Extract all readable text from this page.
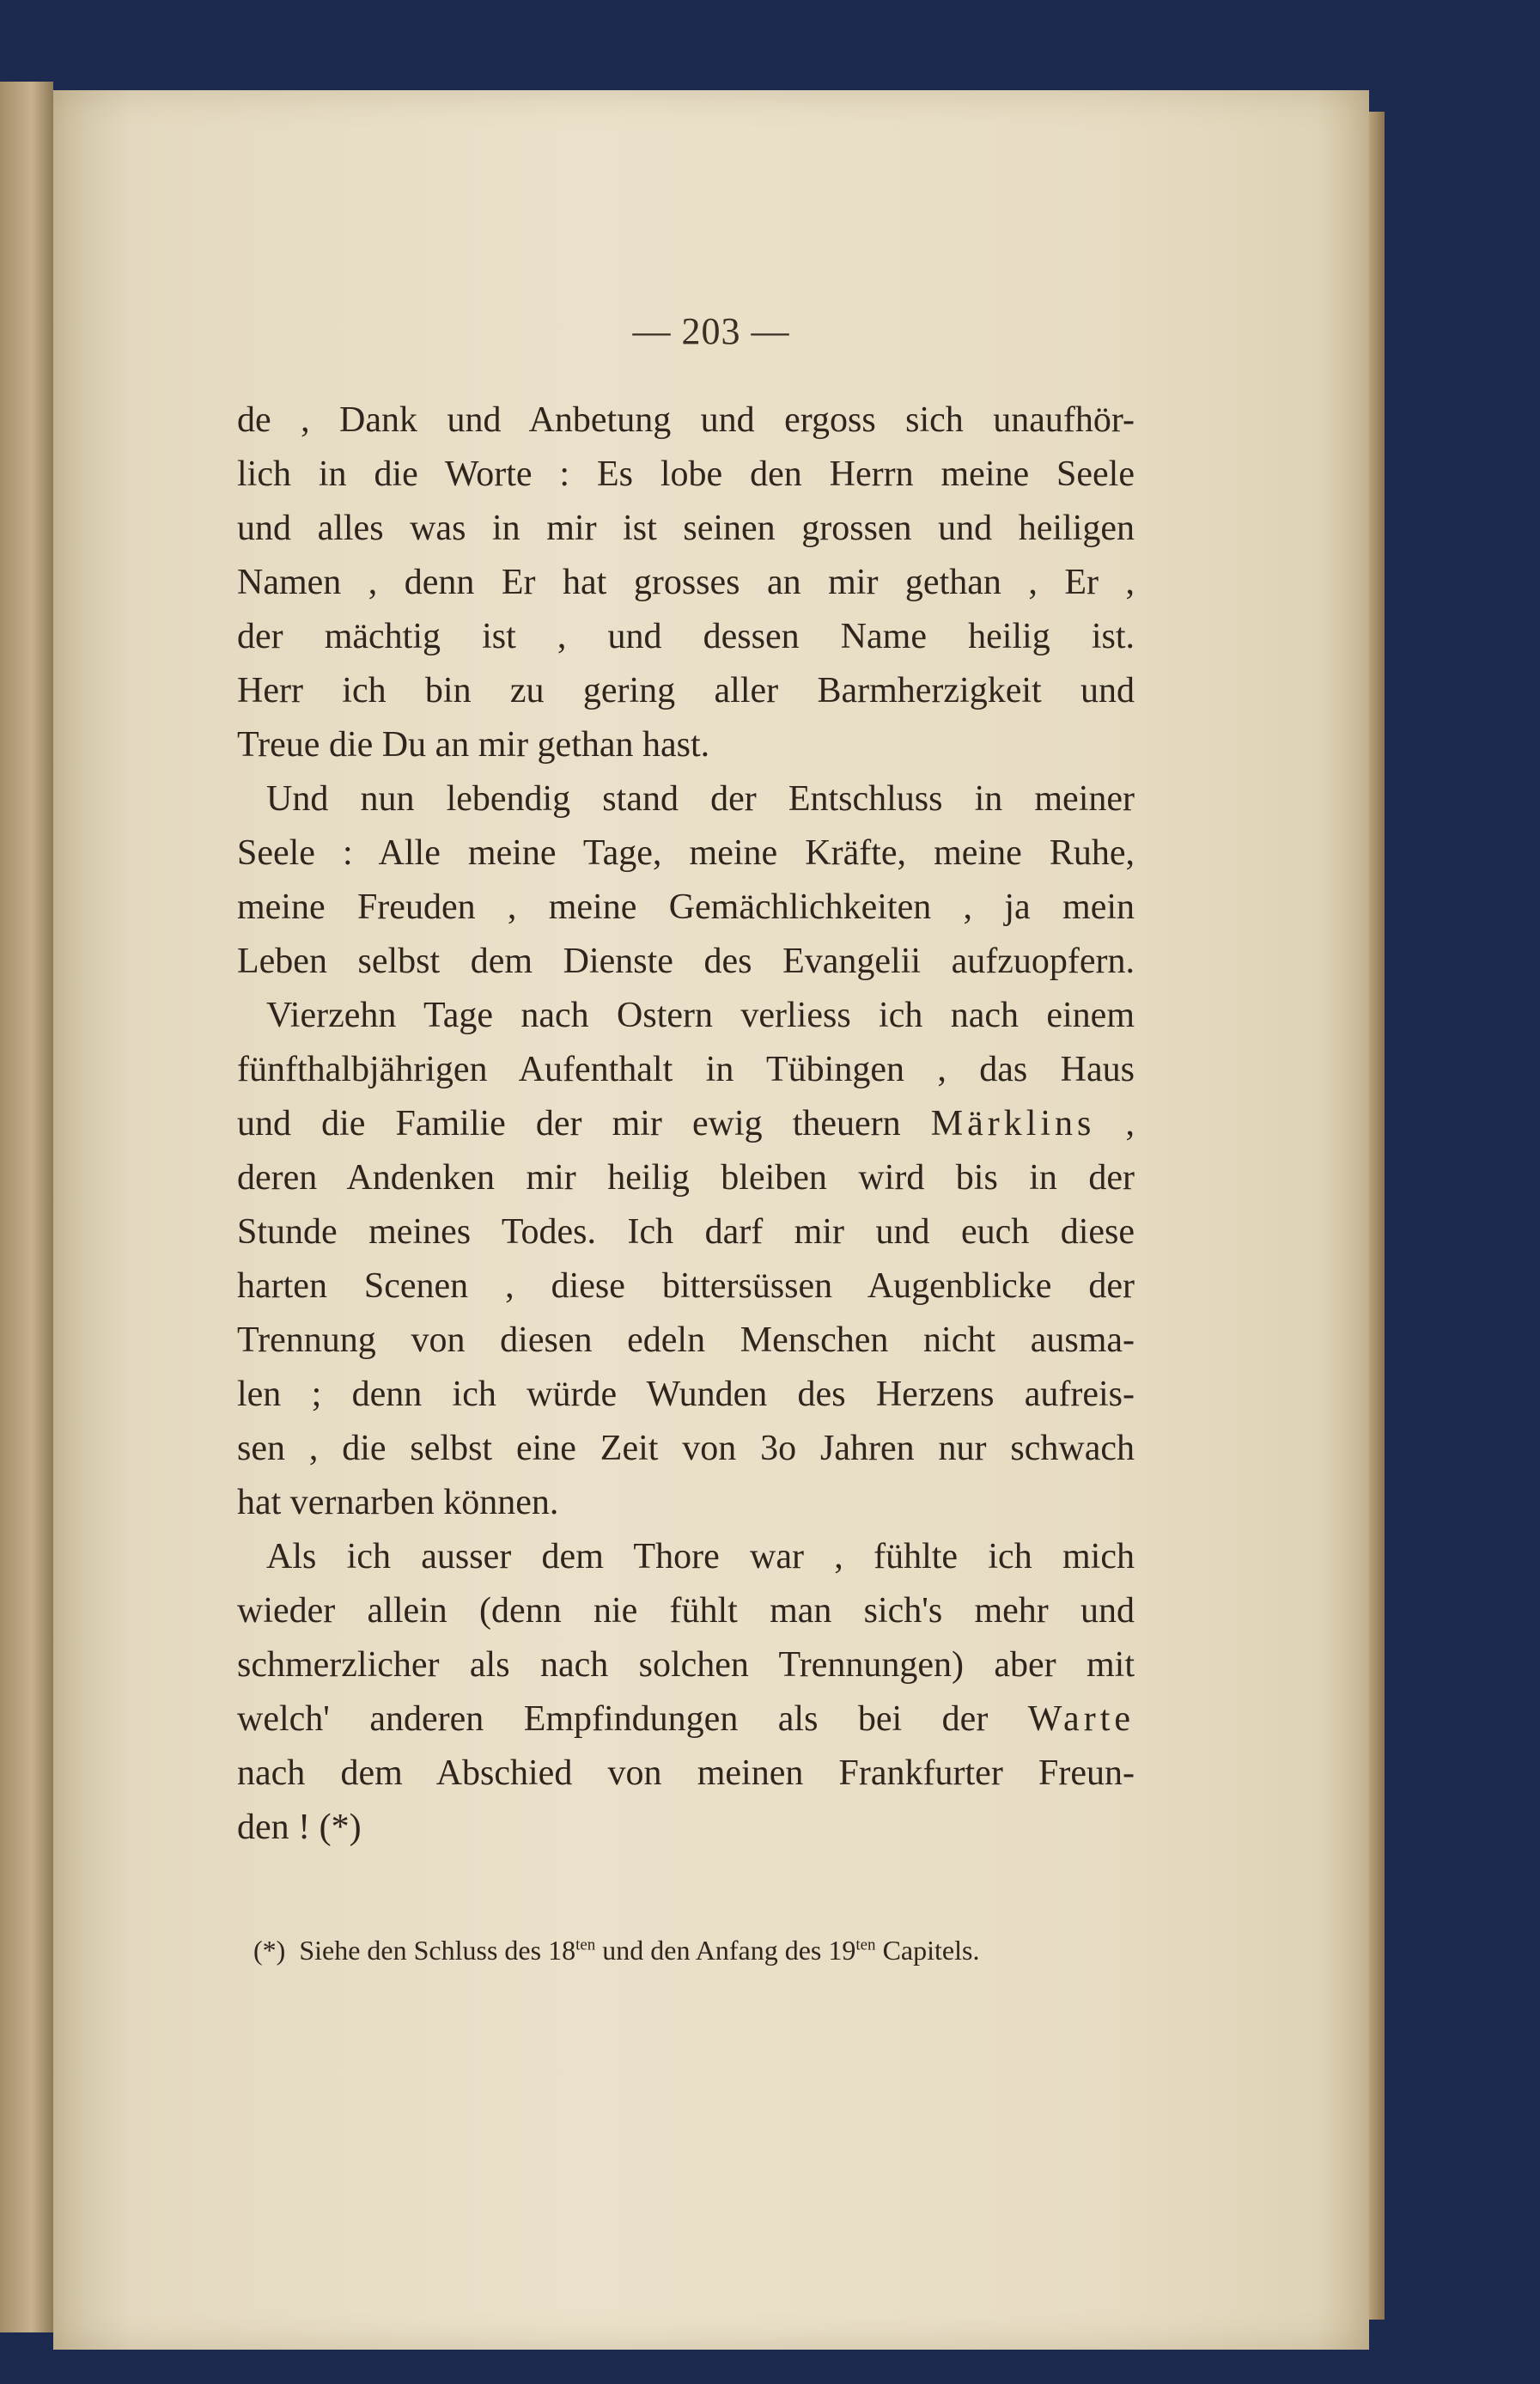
— 203 —
de , Dank und Anbetung und ergoss sich unaufhör-
lich in die Worte : Es lobe den Herrn meine Seele
und alles was in mir ist seinen grossen und heiligen
Namen , denn Er hat grosses an mir gethan , Er ,
der mächtig ist , und dessen Name heilig ist.
Herr ich bin zu gering aller Barmherzigkeit und
Treue die Du an mir gethan hast.
Und nun lebendig stand der Entschluss in meiner
Seele : Alle meine Tage, meine Kräfte, meine Ruhe,
meine Freuden , meine Gemächlichkeiten , ja mein
Leben selbst dem Dienste des Evangelii aufzuopfern.
Vierzehn Tage nach Ostern verliess ich nach einem
fünfthalbjährigen Aufenthalt in Tübingen , das Haus
und die Familie der mir ewig theuern Märklins ,
deren Andenken mir heilig bleiben wird bis in der
Stunde meines Todes. Ich darf mir und euch diese
harten Scenen , diese bittersüssen Augenblicke der
Trennung von diesen edeln Menschen nicht ausma-
len ; denn ich würde Wunden des Herzens aufreis-
sen , die selbst eine Zeit von 3o Jahren nur schwach
hat vernarben können.
Als ich ausser dem Thore war , fühlte ich mich
wieder allein (denn nie fühlt man sich's mehr und
schmerzlicher als nach solchen Trennungen) aber mit
welch' anderen Empfindungen als bei der Warte
nach dem Abschied von meinen Frankfurter Freun-
den ! (*)
(*) Siehe den Schluss des $18^{ten}$ und den Anfang des $19^{ten}$ Capitels.
